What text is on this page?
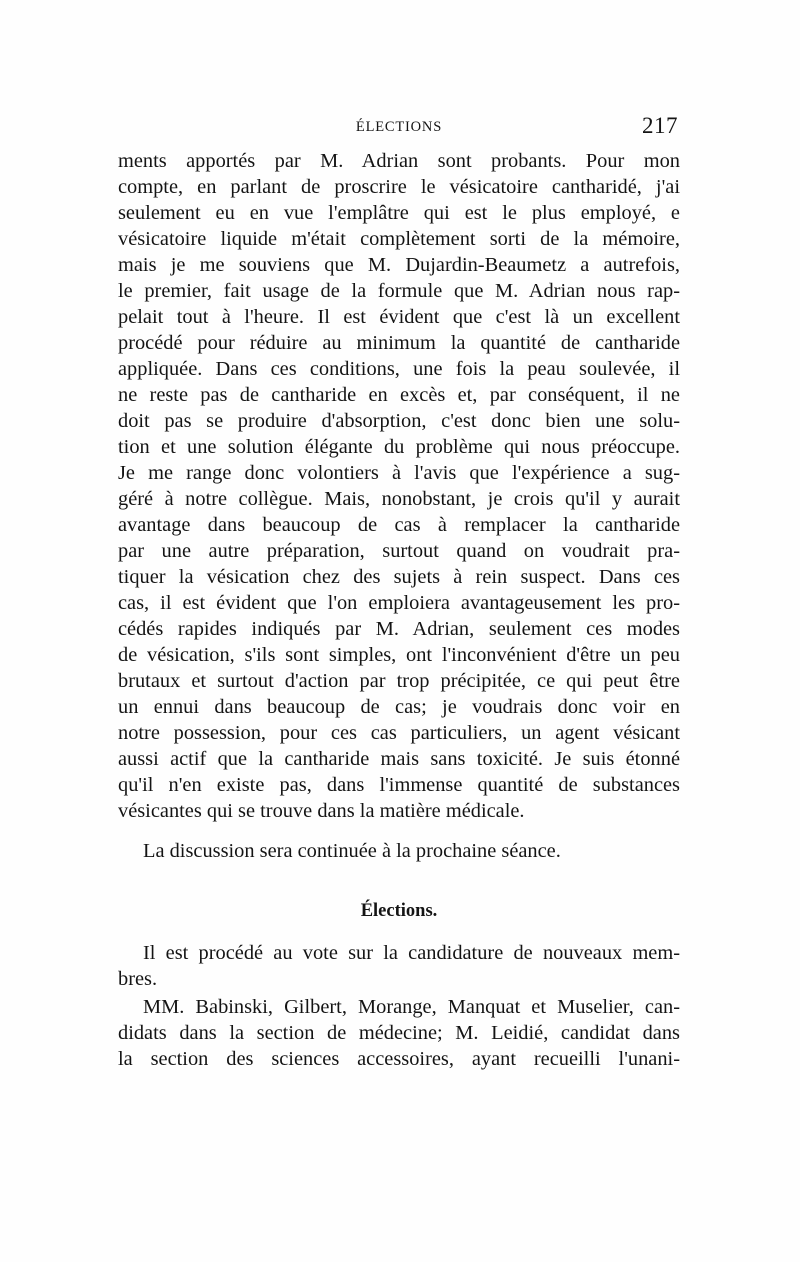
ÉLECTIONS	217
ments apportés par M. Adrian sont probants. Pour mon
compte, en parlant de proscrire le vésicatoire cantharidé, j'ai
seulement eu en vue l'emplâtre qui est le plus employé, e
vésicatoire liquide m'était complètement sorti de la mémoire,
mais je me souviens que M. Dujardin-Beaumetz a autrefois,
le premier, fait usage de la formule que M. Adrian nous rap-
pelait tout à l'heure. Il est évident que c'est là un excellent
procédé pour réduire au minimum la quantité de cantharide
appliquée. Dans ces conditions, une fois la peau soulevée, il
ne reste pas de cantharide en excès et, par conséquent, il ne
doit pas se produire d'absorption, c'est donc bien une solu-
tion et une solution élégante du problème qui nous préoccupe.
Je me range donc volontiers à l'avis que l'expérience a sug-
géré à notre collègue. Mais, nonobstant, je crois qu'il y aurait
avantage dans beaucoup de cas à remplacer la cantharide
par une autre préparation, surtout quand on voudrait pra-
tiquer la vésication chez des sujets à rein suspect. Dans ces
cas, il est évident que l'on emploiera avantageusement les pro-
cédés rapides indiqués par M. Adrian, seulement ces modes
de vésication, s'ils sont simples, ont l'inconvénient d'être un peu
brutaux et surtout d'action par trop précipitée, ce qui peut être
un ennui dans beaucoup de cas; je voudrais donc voir en
notre possession, pour ces cas particuliers, un agent vésicant
aussi actif que la cantharide mais sans toxicité. Je suis étonné
qu'il n'en existe pas, dans l'immense quantité de substances
vésicantes qui se trouve dans la matière médicale.
La discussion sera continuée à la prochaine séance.
Élections.
Il est procédé au vote sur la candidature de nouveaux mem-
bres.
MM. Babinski, Gilbert, Morange, Manquat et Muselier, can-
didats dans la section de médecine; M. Leidié, candidat dans
la section des sciences accessoires, ayant recueilli l'unani-
